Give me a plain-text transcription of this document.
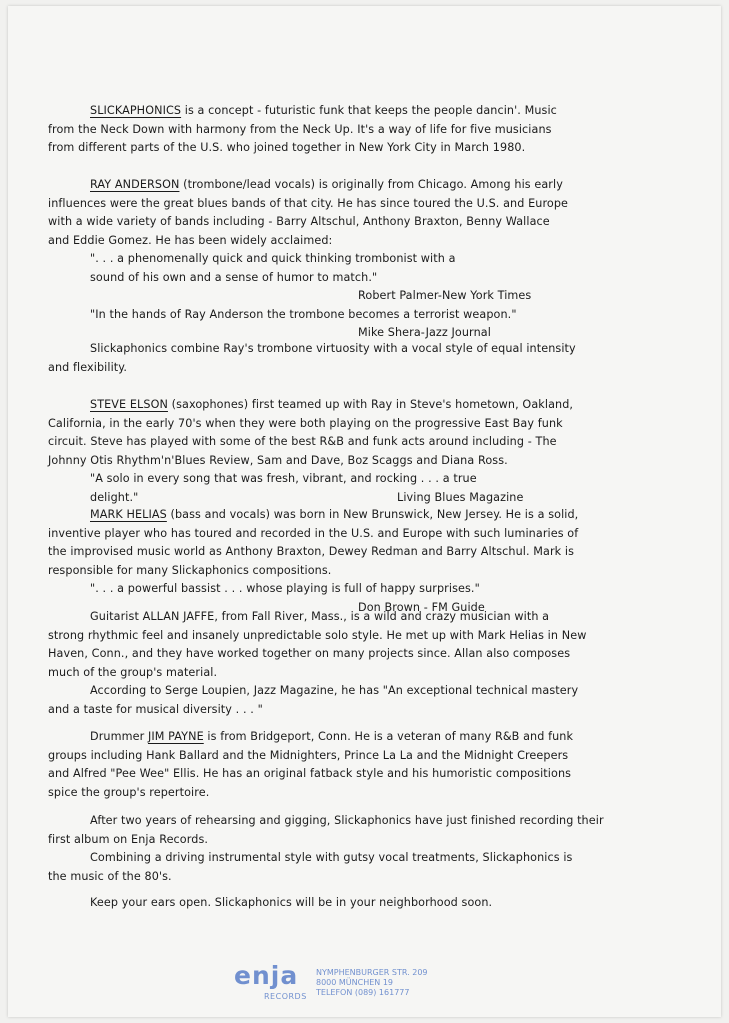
SLICKAPHONICS is a concept - futuristic funk that keeps the people dancin'. Music
from the Neck Down with harmony from the Neck Up. It's a way of life for five musicians
from different parts of the U.S. who joined together in New York City in March 1980.
RAY ANDERSON (trombone/lead vocals) is originally from Chicago. Among his early
influences were the great blues bands of that city. He has since toured the U.S. and Europe
with a wide variety of bands including - Barry Altschul, Anthony Braxton, Benny Wallace
and Eddie Gomez. He has been widely acclaimed:
". . . a phenomenally quick and quick thinking trombonist with a
sound of his own and a sense of humor to match."
Robert Palmer-New York Times
"In the hands of Ray Anderson the trombone becomes a terrorist weapon."
Mike Shera-Jazz Journal
Slickaphonics combine Ray's trombone virtuosity with a vocal style of equal intensity
and flexibility.
STEVE ELSON (saxophones) first teamed up with Ray in Steve's hometown, Oakland,
California, in the early 70's when they were both playing on the progressive East Bay funk
circuit. Steve has played with some of the best R&B and funk acts around including - The
Johnny Otis Rhythm'n'Blues Review, Sam and Dave, Boz Scaggs and Diana Ross.
"A solo in every song that was fresh, vibrant, and rocking . . . a true
delight."	Living Blues Magazine
MARK HELIAS (bass and vocals) was born in New Brunswick, New Jersey. He is a solid,
inventive player who has toured and recorded in the U.S. and Europe with such luminaries of
the improvised music world as Anthony Braxton, Dewey Redman and Barry Altschul. Mark is
responsible for many Slickaphonics compositions.
". . . a powerful bassist . . . whose playing is full of happy surprises."
Don Brown - FM Guide
Guitarist ALLAN JAFFE, from Fall River, Mass., is a wild and crazy musician with a
strong rhythmic feel and insanely unpredictable solo style. He met up with Mark Helias in New
Haven, Conn., and they have worked together on many projects since. Allan also composes
much of the group's material.
According to Serge Loupien, Jazz Magazine, he has "An exceptional technical mastery
and a taste for musical diversity . . . "
Drummer JIM PAYNE is from Bridgeport, Conn. He is a veteran of many R&B and funk
groups including Hank Ballard and the Midnighters, Prince La La and the Midnight Creepers
and Alfred "Pee Wee" Ellis. He has an original fatback style and his humoristic compositions
spice the group's repertoire.
After two years of rehearsing and gigging, Slickaphonics have just finished recording their
first album on Enja Records.
Combining a driving instrumental style with gutsy vocal treatments, Slickaphonics is
the music of the 80's.
Keep your ears open. Slickaphonics will be in your neighborhood soon.
enja
RECORDS
NYMPHENBURGER STR. 209
8000 MÜNCHEN 19
TELEFON (089) 161777
